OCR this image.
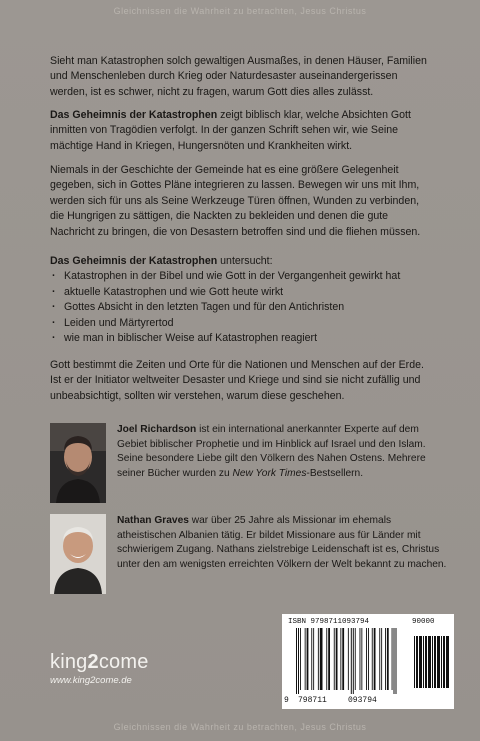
Gleichnissen die Wahrheit zu betrachten, Jesus Christus

Sieht man Katastrophen solch gewaltigen Ausmaßes, in denen Häuser, Familien und Menschenleben durch Krieg oder Naturdesaster auseinandergerissen werden, ist es schwer, nicht zu fragen, warum Gott dies alles zulässt.

Das Geheimnis der Katastrophen zeigt biblisch klar, welche Absichten Gott inmitten von Tragödien verfolgt. In der ganzen Schrift sehen wir, wie Seine mächtige Hand in Kriegen, Hungersnöten und Krankheiten wirkt.

Niemals in der Geschichte der Gemeinde hat es eine größere Gelegenheit gegeben, sich in Gottes Pläne integrieren zu lassen. Bewegen wir uns mit Ihm, werden sich für uns als Seine Werkzeuge Türen öffnen, Wunden zu verbinden, die Hungrigen zu sättigen, die Nackten zu bekleiden und denen die gute Nachricht zu bringen, die von Desastern betroffen sind und die fliehen müssen.

Das Geheimnis der Katastrophen untersucht:

· Katastrophen in der Bibel und wie Gott in der Vergangenheit gewirkt hat
· aktuelle Katastrophen und wie Gott heute wirkt
· Gottes Absicht in den letzten Tagen und für den Antichristen
· Leiden und Märtyrertod
· wie man in biblischer Weise auf Katastrophen reagiert

Gott bestimmt die Zeiten und Orte für die Nationen und Menschen auf der Erde. Ist er der Initiator weltweiter Desaster und Kriege und sind sie nicht zufällig und unbeabsichtigt, sollten wir verstehen, warum diese geschehen.

Joel Richardson ist ein international anerkannter Experte auf dem Gebiet biblischer Prophetie und im Hinblick auf Israel und den Islam. Seine besondere Liebe gilt den Völkern des Nahen Ostens. Mehrere seiner Bücher wurden zu New York Times-Bestsellern.
Nathan Graves war über 25 Jahre als Missionar im ehemals atheistischen Albanien tätig. Er bildet Missionare aus für Länder mit schwierigem Zugang. Nathans zielstrebige Leidenschaft ist es, Christus unter den am wenigsten erreichten Völkern der Welt bekannt zu machen.
king2come
www.king2come.de
ISBN 9798711093794	90000
9 798711	093794
Gleichnissen die Wahrheit zu betrachten, Jesus Christus
